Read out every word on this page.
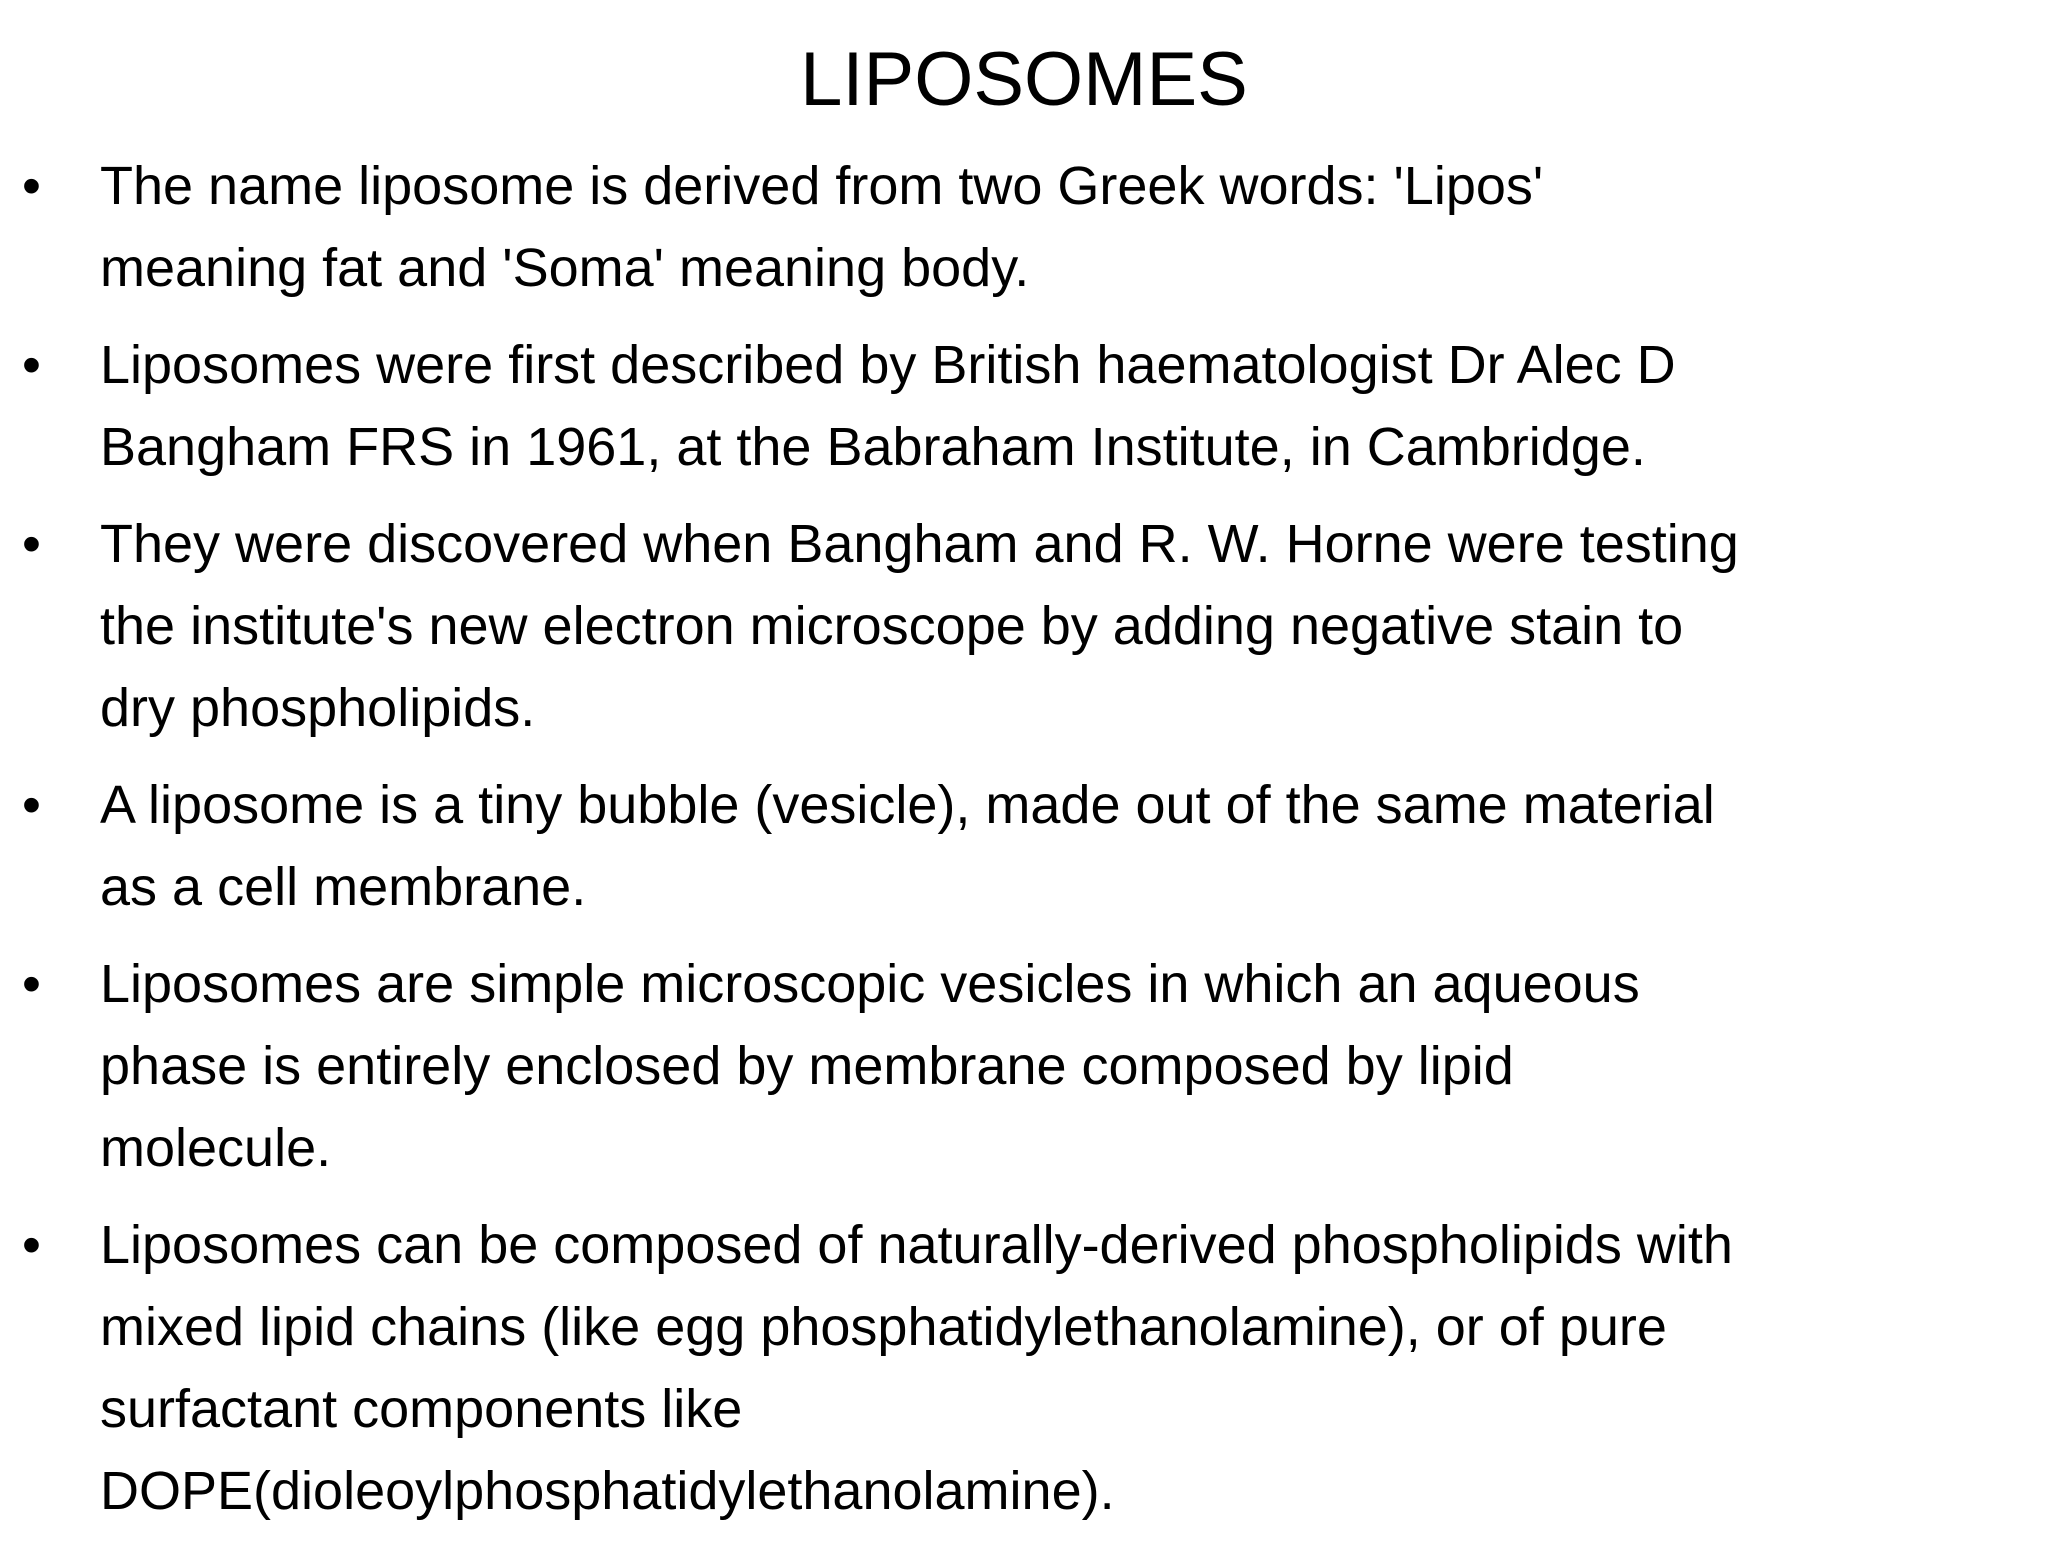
LIPOSOMES
• The name liposome is derived from two Greek words: 'Lipos'
meaning fat and 'Soma' meaning body.
• Liposomes were first described by British haematologist Dr Alec D
Bangham FRS in 1961, at the Babraham Institute, in Cambridge.
• They were discovered when Bangham and R. W. Horne were testing
the institute's new electron microscope by adding negative stain to
dry phospholipids.
• A liposome is a tiny bubble (vesicle), made out of the same material
as a cell membrane.
• Liposomes are simple microscopic vesicles in which an aqueous
phase is entirely enclosed by membrane composed by lipid
molecule.
• Liposomes can be composed of naturally-derived phospholipids with
mixed lipid chains (like egg phosphatidylethanolamine), or of pure
surfactant components like
DOPE(dioleoylphosphatidylethanolamine).
